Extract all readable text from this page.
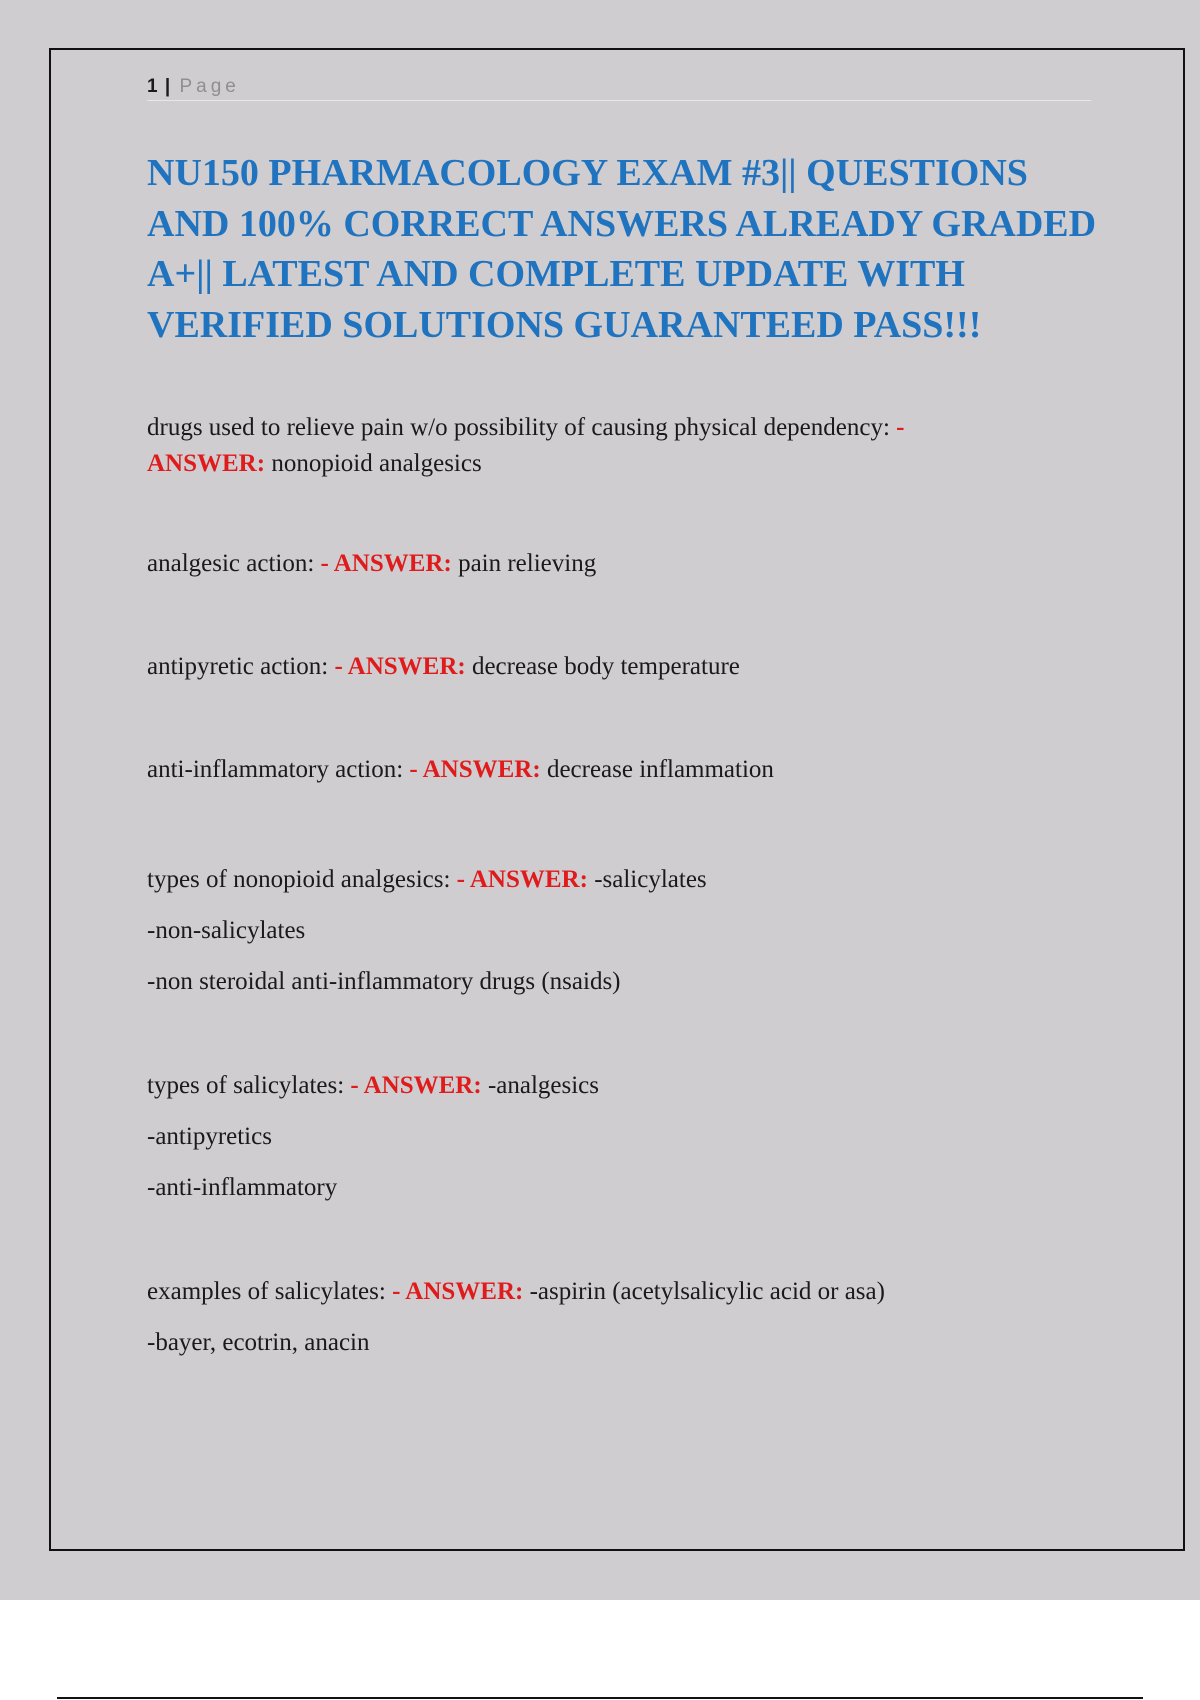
1 | Page
NU150 PHARMACOLOGY EXAM #3|| QUESTIONS AND 100% CORRECT ANSWERS ALREADY GRADED A+|| LATEST AND COMPLETE UPDATE WITH VERIFIED SOLUTIONS GUARANTEED PASS!!!
drugs used to relieve pain w/o possibility of causing physical dependency: - ANSWER: nonopioid analgesics
analgesic action: - ANSWER: pain relieving
antipyretic action: - ANSWER: decrease body temperature
anti-inflammatory action: - ANSWER: decrease inflammation
types of nonopioid analgesics: - ANSWER: -salicylates
-non-salicylates
-non steroidal anti-inflammatory drugs (nsaids)
types of salicylates: - ANSWER: -analgesics
-antipyretics
-anti-inflammatory
examples of salicylates: - ANSWER: -aspirin (acetylsalicylic acid or asa)
-bayer, ecotrin, anacin
